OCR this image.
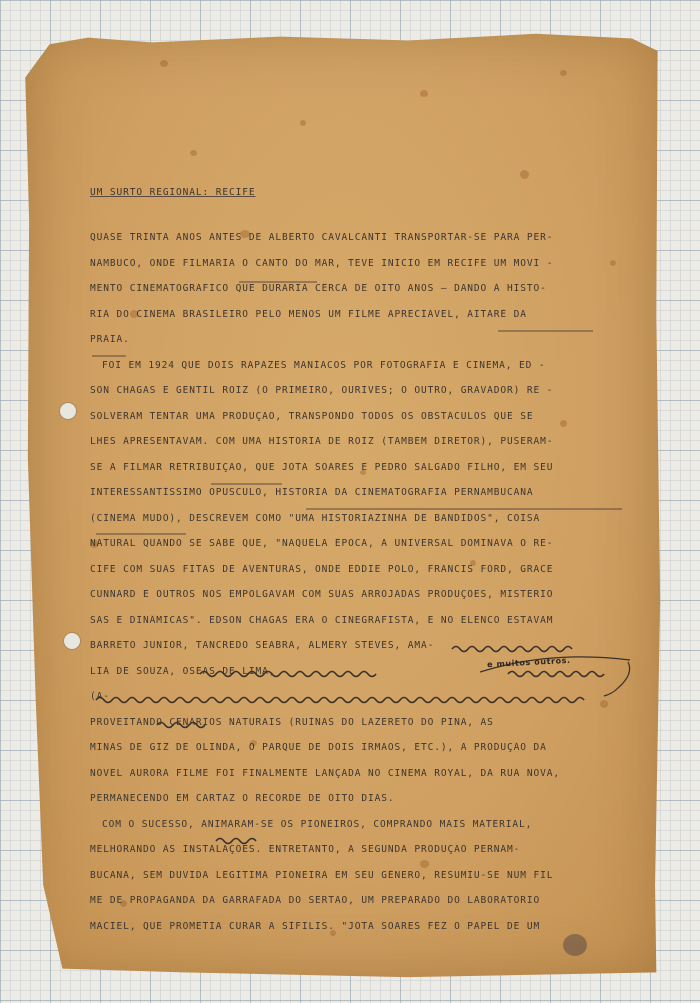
UM SURTO REGIONAL: RECIFE
QUASE TRINTA ANOS ANTES DE ALBERTO CAVALCANTI TRANSPORTAR-SE PARA PER-
NAMBUCO, ONDE FILMARIA O CANTO DO MAR, TEVE INÍCIO EM RECIFE UM MOVI -
MENTO CINEMATOGRÁFICO QUE DURARIA CÊRCA DE OITO ANOS — DANDO À HISTÓ-
RIA DO CINEMA BRASILEIRO PELO MENOS UM FILME APRECIÁVEL, AITARÉ DA
PRAIA.
FOI EM 1924 QUE DOIS RAPAZES MANÍACOS POR FOTOGRAFIA E CINEMA, ED -
SON CHAGAS E GENTIL ROIZ (O PRIMEIRO, OURIVES; O OUTRO, GRAVADOR) RE -
SOLVERAM TENTAR UMA PRODUÇÃO, TRANSPONDO TODOS OS OBSTÁCULOS QUE SE
LHES APRESENTAVAM. COM UMA HISTÓRIA DE ROIZ (TAMBÉM DIRETOR), PUSERAM-
SE A FILMAR RETRIBUIÇÃO, QUE JOTA SOARES E PEDRO SALGADO FILHO, EM SEU
INTERESSANTÍSSIMO OPÚSCULO, HISTÓRIA DA CINEMATOGRAFIA PERNAMBUCANA
(CINEMA MUDO), DESCREVEM COMO "UMA HISTORIAZINHA DE BANDIDOS", COISA
NATURAL QUANDO SE SABE QUE, "NAQUELA ÉPOCA, A UNIVERSAL DOMINAVA O RE-
CIFE COM SUAS FITAS DE AVENTURAS, ONDE EDDIE POLO, FRANCIS FORD, GRACE
CUNNARD E OUTROS NOS EMPOLGAVAM COM SUAS ARROJADAS PRODUÇÕES, MISTERIO
SAS E DINÂMICAS". EDSON CHAGAS ERA O CINEGRAFISTA, E NO ELENCO ESTAVAM
BARRETO JÚNIOR, TANCREDO SEABRA, ALMERY STEVES, AMA-
LIA DE SOUZA, OSÉAS DE LIMA,
(A-
PROVEITANDO CENÁRIOS NATURAIS (RUÍNAS DO LAZERETO DO PINA, AS
MINAS DE GIZ DE OLINDA, O PARQUE DE DOIS IRMÃOS, ETC.), A PRODUÇÃO DA
NOVEL AURORA FILME FOI FINALMENTE LANÇADA NO CINEMA ROYAL, DA RUA NOVA,
PERMANECENDO EM CARTAZ O RÉCORDE DE OITO DIAS.
COM O SUCESSO, ANIMARAM-SE OS PIONEIROS, COMPRANDO MAIS MATERIAL,
MELHORANDO AS INSTALAÇÕES. ENTRETANTO, A SEGUNDA PRODUÇÃO PERNAM-
BUCANA, SEM DÚVIDA LEGÍTIMA PIONEIRA EM SEU GÊNERO, RESUMIU-SE NUM FIL
ME DE PROPAGANDA DA GARRAFADA DO SERTÃO, UM PREPARADO DO LABORATÓRIO
MACIEL, QUE PROMETIA CURAR A SÍFILIS. "JOTA SOARES FÊZ O PAPEL DE UM
e muitos outros.
